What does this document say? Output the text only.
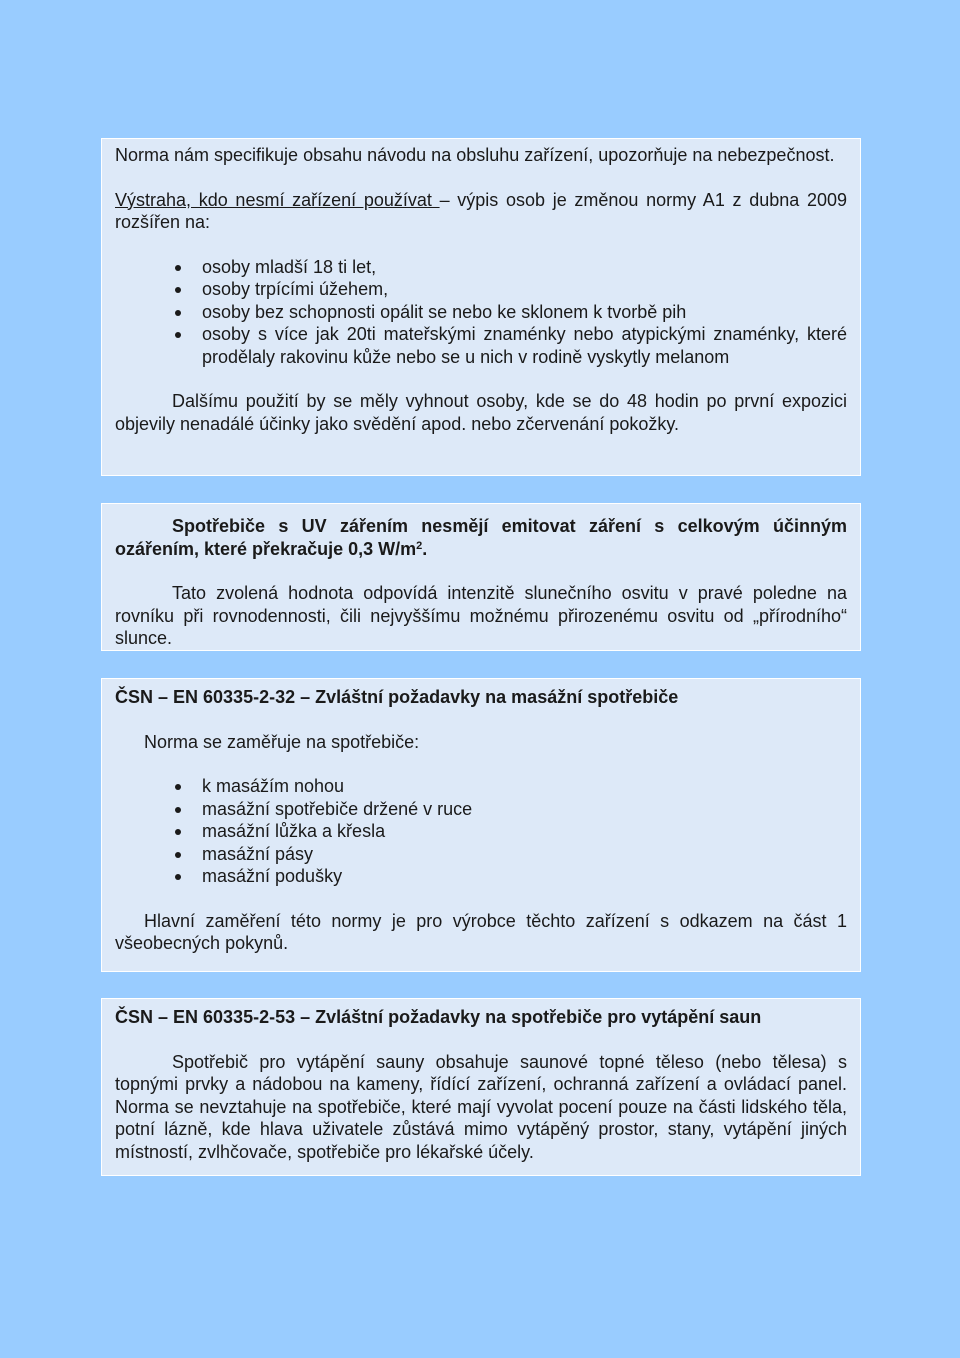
Norma nám specifikuje obsahu návodu na obsluhu zařízení, upozorňuje na nebezpečnost.

Výstraha, kdo nesmí zařízení používat – výpis osob je změnou normy A1 z dubna 2009 rozšířen na:

osoby mladší 18 ti let,
osoby trpícími úžehem,
osoby bez schopnosti opálit se nebo ke sklonem k tvorbě pih
osoby s více jak 20ti mateřskými znaménky nebo atypickými znaménky, které prodělaly rakovinu kůže nebo se u nich v rodině vyskytly melanom

Dalšímu použití by se měly vyhnout osoby, kde se do 48 hodin po první expozici objevily nenadálé účinky jako svědění apod. nebo zčervenání pokožky.

Spotřebiče s UV zářením nesmějí emitovat záření s celkovým účinným ozářením, které překračuje 0,3 $W/m^2$.

Tato zvolená hodnota odpovídá intenzitě slunečního osvitu v pravé poledne na rovníku při rovnodennosti, čili nejvyššímu možnému přirozenému osvitu od „přírodního“ slunce.

ČSN – EN 60335-2-32 – Zvláštní požadavky na masážní spotřebiče

Norma se zaměřuje na spotřebiče:

k masážím nohou
masážní spotřebiče držené v ruce
masážní lůžka a křesla
masážní pásy
masážní podušky

Hlavní zaměření této normy je pro výrobce těchto zařízení s odkazem na část 1 všeobecných pokynů.

ČSN – EN 60335-2-53 – Zvláštní požadavky na spotřebiče pro vytápění saun

Spotřebič pro vytápění sauny obsahuje saunové topné těleso (nebo tělesa) s topnými prvky a nádobou na kameny, řídící zařízení, ochranná zařízení a ovládací panel. Norma se nevztahuje na spotřebiče, které mají vyvolat pocení pouze na části lidského těla, potní lázně, kde hlava uživatele zůstává mimo vytápěný prostor, stany, vytápění jiných místností, zvlhčovače, spotřebiče pro lékařské účely.
